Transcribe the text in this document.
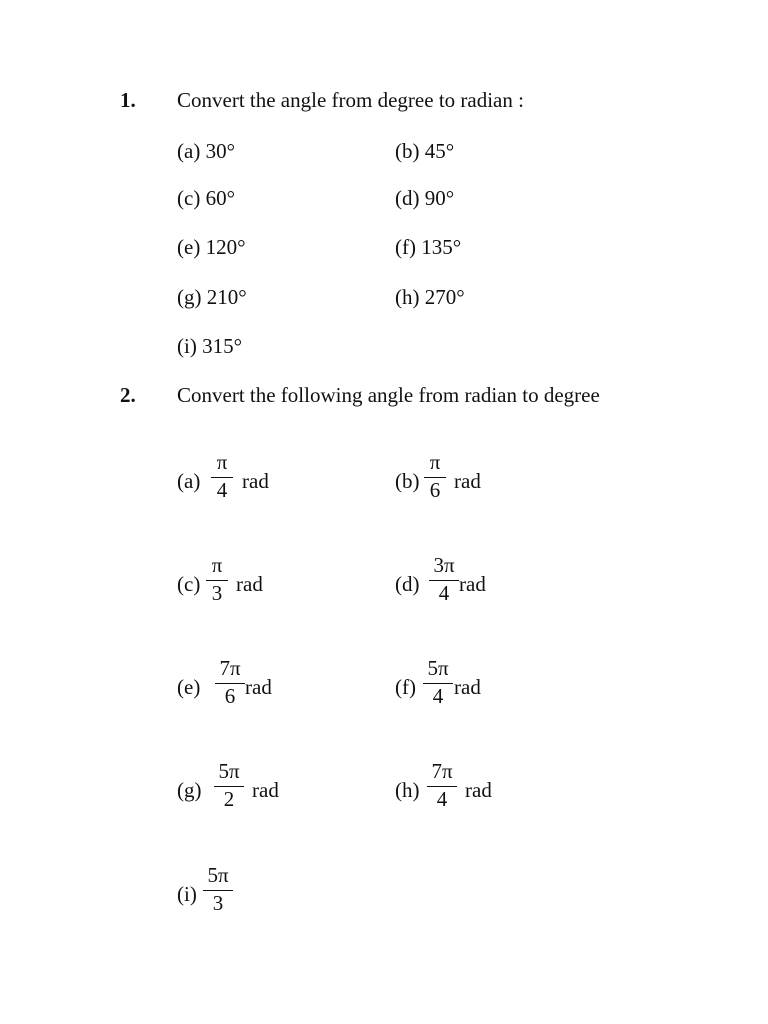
1. Convert the angle from degree to radian :
(a) 30°	(b) 45°
(c) 60°	(d) 90°
(e) 120°	(f) 135°
(g) 210°	(h) 270°
(i) 315°
2. Convert the following angle from radian to degree
(a)
π
4 rad	(b)
π
6 rad
(c)
π
3 rad	(d)
3π
4 rad
(e)
7π
6 rad	(f)
5π
4 rad
(g)
5π
2 rad	(h)
7π
4 rad
(i)
5π
3
